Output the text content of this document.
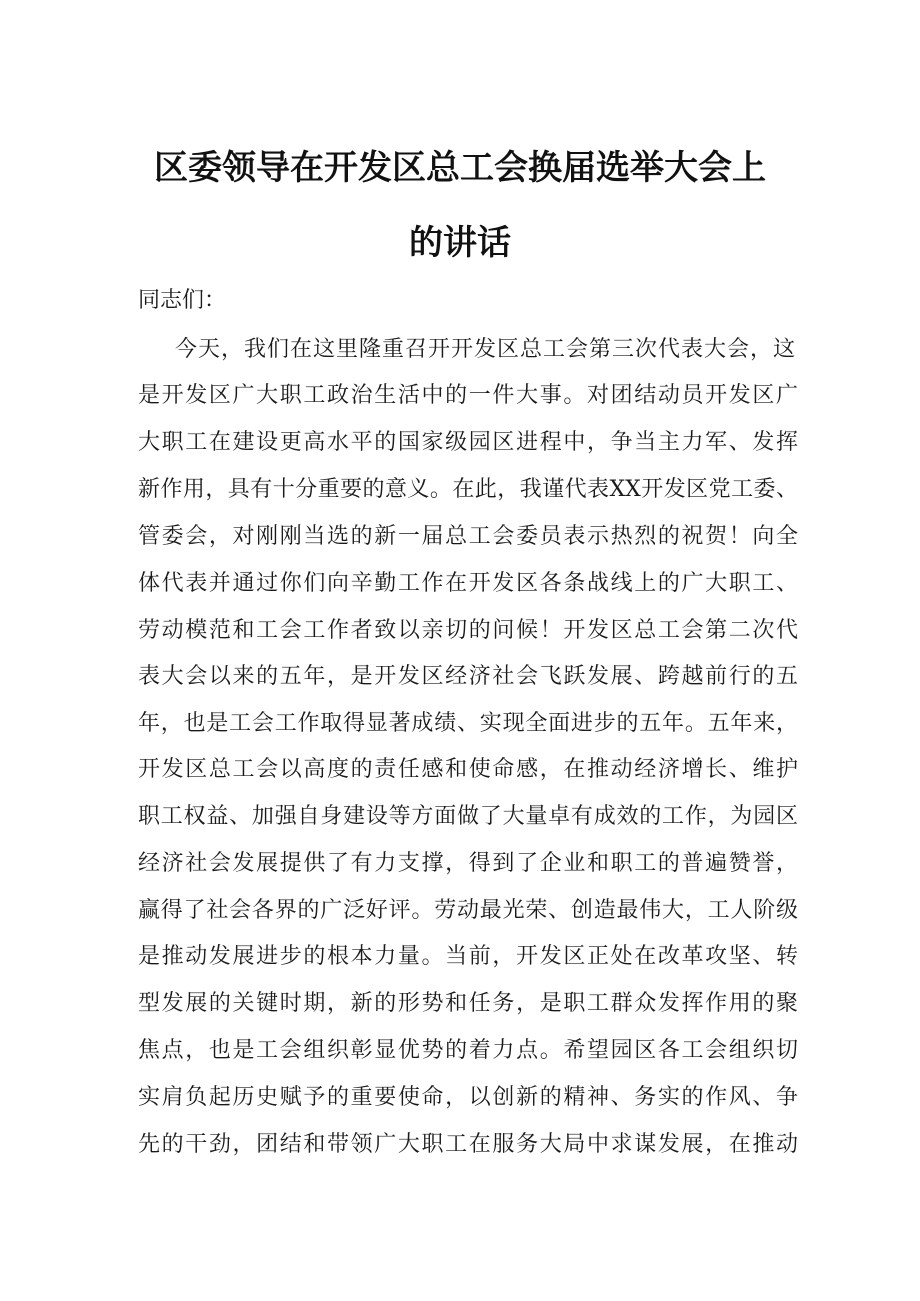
区委领导在开发区总工会换届选举大会上
的讲话
同志们：
今天，我们在这里隆重召开开发区总工会第三次代表大会，这
是开发区广大职工政治生活中的一件大事。对团结动员开发区广
大职工在建设更高水平的国家级园区进程中，争当主力军、发挥
新作用，具有十分重要的意义。在此，我谨代表XX开发区党工委、
管委会，对刚刚当选的新一届总工会委员表示热烈的祝贺！向全
体代表并通过你们向辛勤工作在开发区各条战线上的广大职工、
劳动模范和工会工作者致以亲切的问候！开发区总工会第二次代
表大会以来的五年，是开发区经济社会飞跃发展、跨越前行的五
年，也是工会工作取得显著成绩、实现全面进步的五年。五年来，
开发区总工会以高度的责任感和使命感，在推动经济增长、维护
职工权益、加强自身建设等方面做了大量卓有成效的工作，为园区
经济社会发展提供了有力支撑，得到了企业和职工的普遍赞誉，
赢得了社会各界的广泛好评。劳动最光荣、创造最伟大，工人阶级
是推动发展进步的根本力量。当前，开发区正处在改革攻坚、转
型发展的关键时期，新的形势和任务，是职工群众发挥作用的聚
焦点，也是工会组织彰显优势的着力点。希望园区各工会组织切
实肩负起历史赋予的重要使命，以创新的精神、务实的作风、争
先的干劲，团结和带领广大职工在服务大局中求谋发展，在推动
